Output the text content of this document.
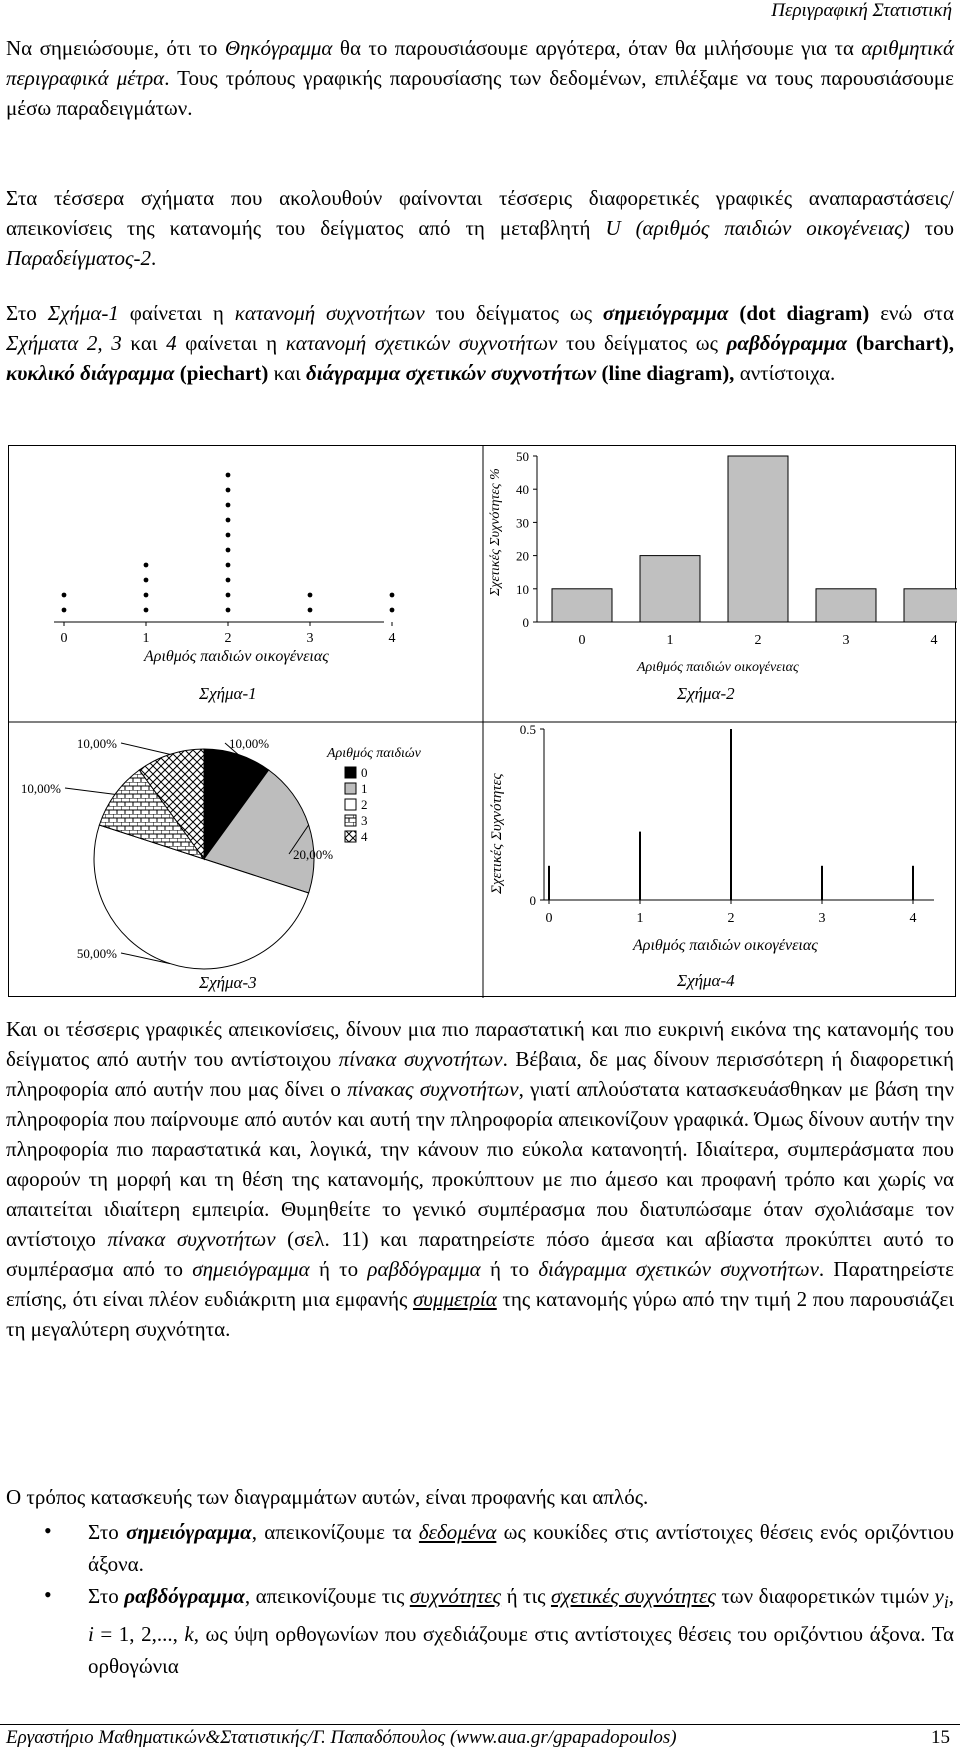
Περιγραφική Στατιστική

Να σημειώσουμε, ότι το Θηκόγραμμα θα το παρουσιάσουμε αργότερα, όταν θα μιλήσουμε για τα αριθμητικά περιγραφικά μέτρα. Τους τρόπους γραφικής παρουσίασης των δεδομένων, επιλέξαμε να τους παρουσιάσουμε μέσω παραδειγμάτων.

Στα τέσσερα σχήματα που ακολουθούν φαίνονται τέσσερις διαφορετικές γραφικές αναπαραστάσεις/απεικονίσεις της κατανομής του δείγματος από τη μεταβλητή U (αριθμός παιδιών οικογένειας) του Παραδείγματος-2.

Στο Σχήμα-1 φαίνεται η κατανομή συχνοτήτων του δείγματος ως σημειόγραμμα (dot diagram) ενώ στα Σχήματα 2, 3 και 4 φαίνεται η κατανομή σχετικών συχνοτήτων του δείγματος ως ραβδόγραμμα (barchart), κυκλικό διάγραμμα (piechart) και διάγραμμα σχετικών συχνοτήτων (line diagram), αντίστοιχα.

Αριθμός παιδιών οικογένειας
Σχήμα-1
0	1	2	3	4
Σχετικές Συχνότητες %
Αριθμός παιδιών οικογένειας
Σχήμα-2
0
10
20
30
40
50
0	1	2	3	4
Αριθμός παιδιών
Σχήμα-3
10,00%
20,00%
50,00%
10,00%
10,00%
0
1
2
3
4	Σχετικές Συχνότητες
Αριθμός παιδιών οικογένειας
Σχήμα-4
0
0.5
0	1	2	3	4

Και οι τέσσερις γραφικές απεικονίσεις, δίνουν μια πιο παραστατική και πιο ευκρινή εικόνα της κατανομής του δείγματος από αυτήν του αντίστοιχου πίνακα συχνοτήτων. Βέβαια, δε μας δίνουν περισσότερη ή διαφορετική πληροφορία από αυτήν που μας δίνει ο πίνακας συχνοτήτων, γιατί απλούστατα κατασκευάσθηκαν με βάση την πληροφορία που παίρνουμε από αυτόν και αυτή την πληροφορία απεικονίζουν γραφικά. Όμως δίνουν αυτήν την πληροφορία πιο παραστατικά και, λογικά, την κάνουν πιο εύκολα κατανοητή. Ιδιαίτερα, συμπεράσματα που αφορούν τη μορφή και τη θέση της κατανομής, προκύπτουν με πιο άμεσο και προφανή τρόπο και χωρίς να απαιτείται ιδιαίτερη εμπειρία. Θυμηθείτε το γενικό συμπέρασμα που διατυπώσαμε όταν σχολιάσαμε τον αντίστοιχο πίνακα συχνοτήτων (σελ. 11) και παρατηρείστε πόσο άμεσα και αβίαστα προκύπτει αυτό το συμπέρασμα από το σημειόγραμμα ή το ραβδόγραμμα ή το διάγραμμα σχετικών συχνοτήτων. Παρατηρείστε επίσης, ότι είναι πλέον ευδιάκριτη μια εμφανής συμμετρία της κατανομής γύρω από την τιμή 2 που παρουσιάζει τη μεγαλύτερη συχνότητα.

Ο τρόπος κατασκευής των διαγραμμάτων αυτών, είναι προφανής και απλός.

• Στο σημειόγραμμα, απεικονίζουμε τα δεδομένα ως κουκίδες στις αντίστοιχες θέσεις ενός οριζόντιου άξονα.
• Στο ραβδόγραμμα, απεικονίζουμε τις συχνότητες ή τις σχετικές συχνότητες των διαφορετικών τιμών $y_i$, i = 1, 2,..., k, ως ύψη ορθογωνίων που σχεδιάζουμε στις αντίστοιχες θέσεις του οριζόντιου άξονα. Τα ορθογώνια
Εργαστήριο Μαθηματικών&Στατιστικής/Γ. Παπαδόπουλος (www.aua.gr/gpapadopoulos)	15
